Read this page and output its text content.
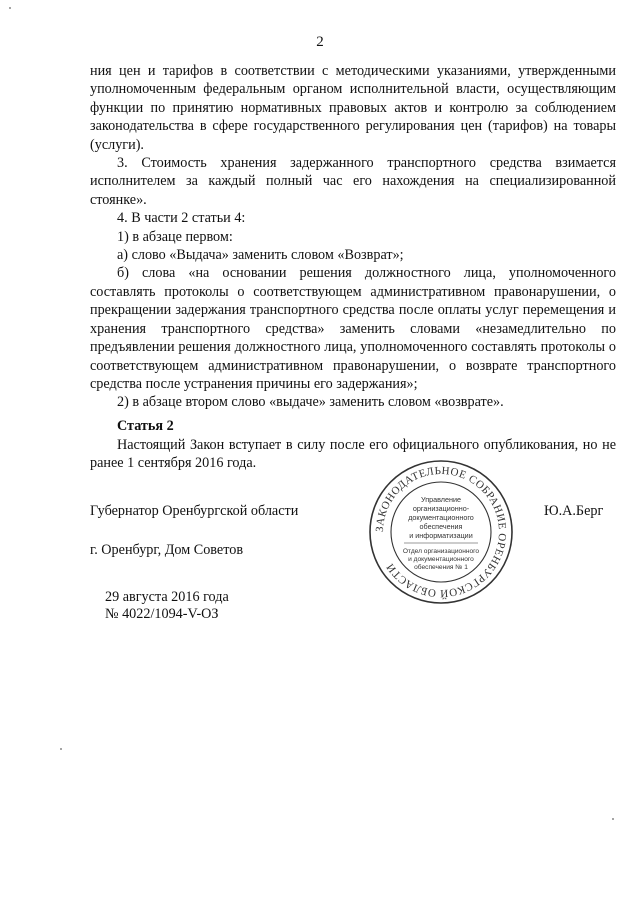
2

ния цен и тарифов в соответствии с методическими указаниями, утвержденными уполномоченным федеральным органом исполнительной власти, осуществляющим функции по принятию нормативных правовых актов и контролю за соблюдением законодательства в сфере государственного регулирования цен (тарифов) на товары (услуги).

3. Стоимость хранения задержанного транспортного средства взимается исполнителем за каждый полный час его нахождения на специализированной стоянке».

4. В части 2 статьи 4:

1) в абзаце первом:

а) слово «Выдача» заменить словом «Возврат»;

б) слова «на основании решения должностного лица, уполномоченного составлять протоколы о соответствующем административном правонарушении, о прекращении задержания транспортного средства после оплаты услуг перемещения и хранения транспортного средства» заменить словами «незамедлительно по предъявлении решения должностного лица, уполномоченного составлять протоколы о соответствующем административном правонарушении, о возврате транспортного средства после устранения причины его задержания»;

2) в абзаце втором слово «выдаче» заменить словом «возврате».

Статья 2
Настоящий Закон вступает в силу после его официального опубликования, но не ранее 1 сентября 2016 года.
Губернатор Оренбургской области	Ю.А.Берг
г. Оренбург, Дом Советов
29 августа 2016 года
№ 4022/1094-V-ОЗ
ЗАКОНОДАТЕЛЬНОЕ СОБРАНИЕ ОРЕНБУРГСКОЙ ОБЛАСТИ
Управление
организационно-
документационного
обеспечения
и информатизации
Отдел организационного
и документационного
обеспечения № 1
